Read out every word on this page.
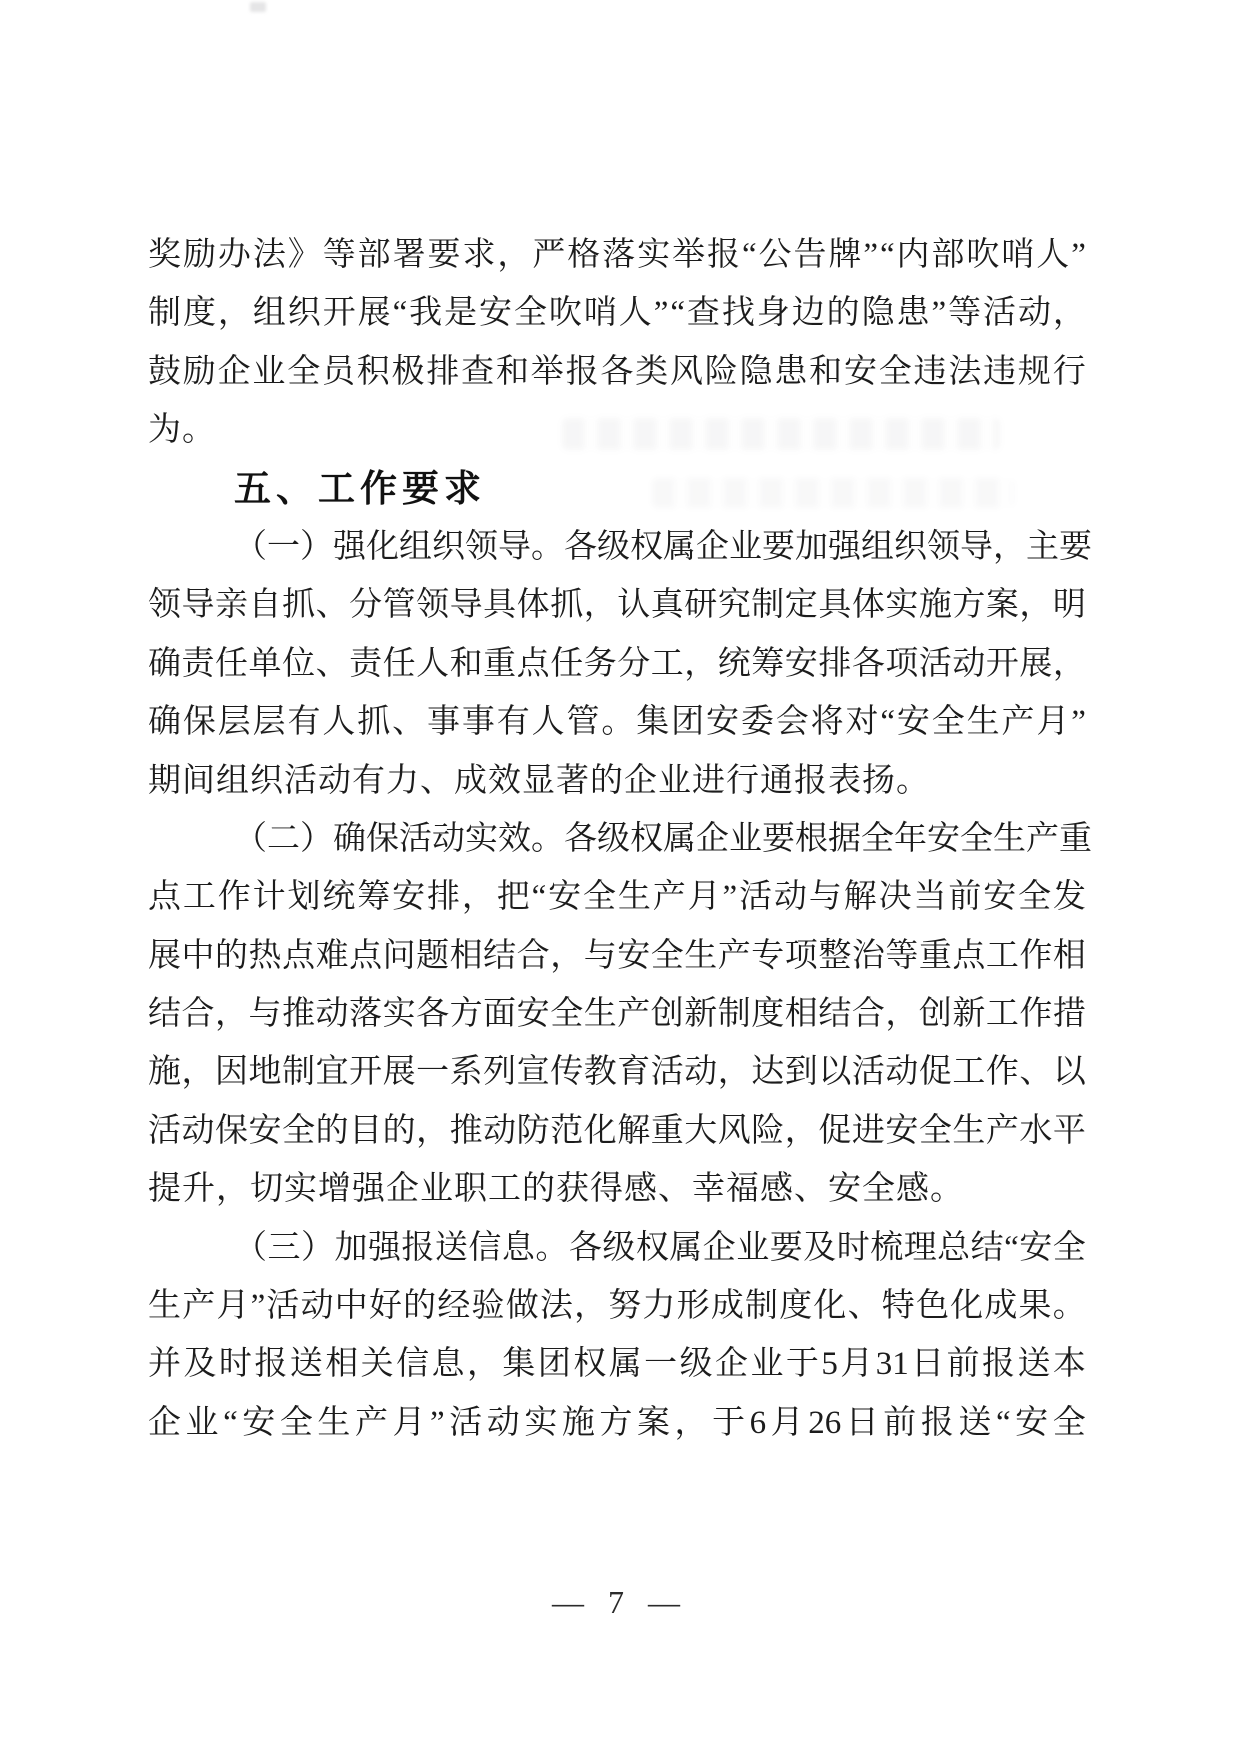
奖 励 办 法 》 等 部 署 要 求 ， 严 格 落 实 举 报 “ 公 告 牌 ” “ 内 部 吹 哨 人 ”
制 度 ， 组 织 开 展 “ 我 是 安 全 吹 哨 人 ” “ 查 找 身 边 的 隐 患 ” 等 活 动 ，
鼓 励 企 业 全 员 积 极 排 查 和 举 报 各 类 风 险 隐 患 和 安 全 违 法 违 规 行
为 。
五 、 工 作 要 求
（ 一 ） 强 化 组 织 领 导 。 各 级 权 属 企 业 要 加 强 组 织 领 导 ， 主 要
领 导 亲 自 抓 、 分 管 领 导 具 体 抓 ， 认 真 研 究 制 定 具 体 实 施 方 案 ， 明
确 责 任 单 位 、 责 任 人 和 重 点 任 务 分 工 ， 统 筹 安 排 各 项 活 动 开 展 ，
确 保 层 层 有 人 抓 、 事 事 有 人 管 。 集 团 安 委 会 将 对 “ 安 全 生 产 月 ”
期 间 组 织 活 动 有 力 、 成 效 显 著 的 企 业 进 行 通 报 表 扬 。
（ 二 ） 确 保 活 动 实 效 。 各 级 权 属 企 业 要 根 据 全 年 安 全 生 产 重
点 工 作 计 划 统 筹 安 排 ， 把 “ 安 全 生 产 月 ” 活 动 与 解 决 当 前 安 全 发
展 中 的 热 点 难 点 问 题 相 结 合 ， 与 安 全 生 产 专 项 整 治 等 重 点 工 作 相
结 合 ， 与 推 动 落 实 各 方 面 安 全 生 产 创 新 制 度 相 结 合 ， 创 新 工 作 措
施 ， 因 地 制 宜 开 展 一 系 列 宣 传 教 育 活 动 ， 达 到 以 活 动 促 工 作 、 以
活 动 保 安 全 的 目 的 ， 推 动 防 范 化 解 重 大 风 险 ， 促 进 安 全 生 产 水 平
提 升 ， 切 实 增 强 企 业 职 工 的 获 得 感 、 幸 福 感 、 安 全 感 。
（ 三 ） 加 强 报 送 信 息 。 各 级 权 属 企 业 要 及 时 梳 理 总 结 “ 安 全
生 产 月 ” 活 动 中 好 的 经 验 做 法 ， 努 力 形 成 制 度 化 、 特 色 化 成 果 。
并 及 时 报 送 相 关 信 息 ， 集 团 权 属 一 级 企 业 于 5 月 31 日 前 报 送 本
企 业 “ 安 全 生 产 月 ” 活 动 实 施 方 案 ， 于 6 月 26 日 前 报 送 “ 安 全
— 7 —
